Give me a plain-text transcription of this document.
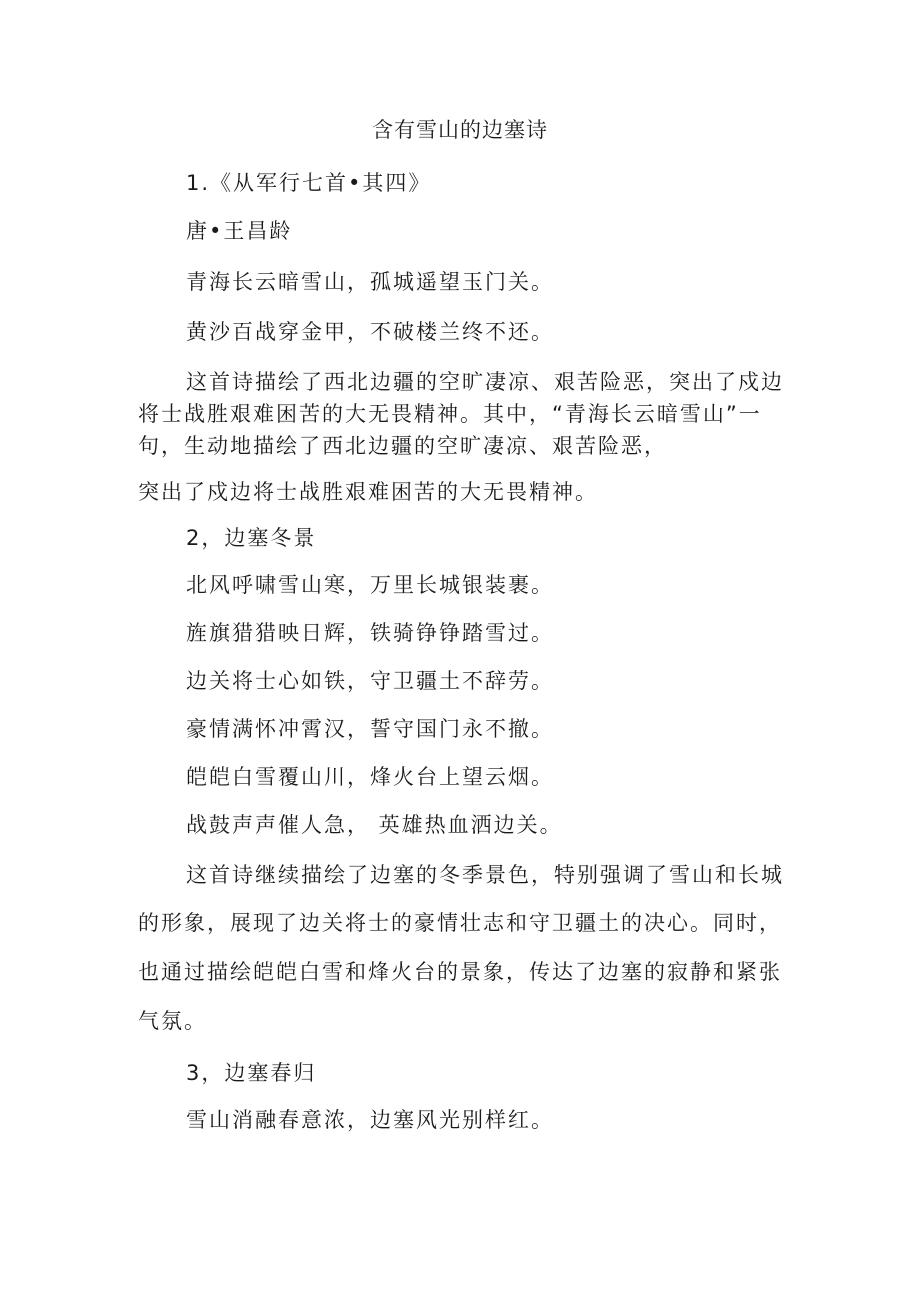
含有雪山的边塞诗
1.《从军行七首•其四》
唐•王昌龄
青海长云暗雪山，孤城遥望玉门关。
黄沙百战穿金甲，不破楼兰终不还。
这首诗描绘了西北边疆的空旷凄凉、艰苦险恶，突出了戍边
将士战胜艰难困苦的大无畏精神。其中，“青海长云暗雪山”一
句，生动地描绘了西北边疆的空旷凄凉、艰苦险恶，
突出了戍边将士战胜艰难困苦的大无畏精神。
2，边塞冬景
北风呼啸雪山寒，万里长城银装裹。
旌旗猎猎映日辉，铁骑铮铮踏雪过。
边关将士心如铁，守卫疆土不辞劳。
豪情满怀冲霄汉，誓守国门永不撤。
皑皑白雪覆山川，烽火台上望云烟。
战鼓声声催人急， 英雄热血洒边关。
这首诗继续描绘了边塞的冬季景色，特别强调了雪山和长城
的形象，展现了边关将士的豪情壮志和守卫疆土的决心。同时，
也通过描绘皑皑白雪和烽火台的景象，传达了边塞的寂静和紧张
气氛。
3，边塞春归
雪山消融春意浓，边塞风光别样红。
